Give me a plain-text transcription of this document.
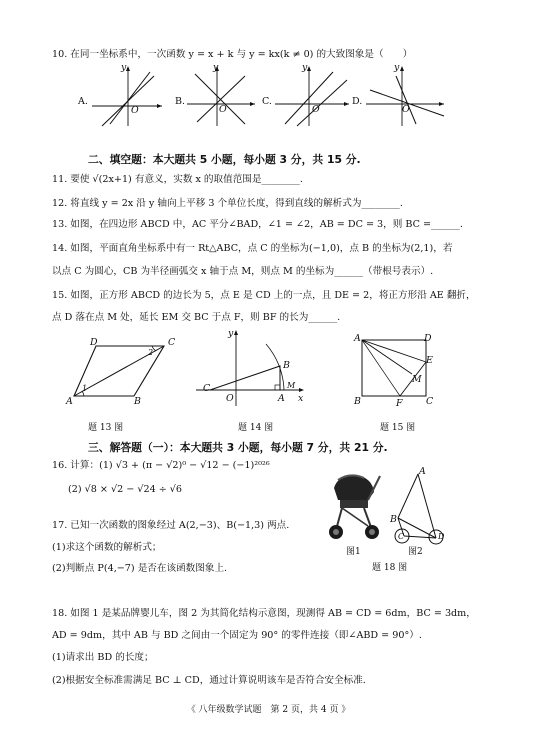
10. 在同一坐标系中，一次函数 y = x + k 与 y = kx(k ≠ 0) 的大致图象是（　　）
A.
y
O
B.
y
O
C.
y
O
D.
y
O
二、填空题：本大题共 5 小题，每小题 3 分，共 15 分.
11. 要使 √(2x+1) 有意义，实数 x 的取值范围是________.
12. 将直线 y = 2x 沿 y 轴向上平移 3 个单位长度，得到直线的解析式为________.
13. 如图，在四边形 ABCD 中，AC 平分∠BAD，∠1 = ∠2，AB = DC = 3，则 BC =______.
14. 如图，平面直角坐标系中有一 Rt△ABC，点 C 的坐标为(−1,0)，点 B 的坐标为(2,1)，若
以点 C 为圆心，CB 为半径画弧交 x 轴于点 M，则点 M 的坐标为______（带根号表示）.
15. 如图，正方形 ABCD 的边长为 5，点 E 是 CD 上的一点，且 DE = 2，将正方形沿 AE 翻折，
点 D 落在点 M 处，延长 EM 交 BC 于点 F，则 BF 的长为______.
D	C
A	B
1
2
题 13 图
y
B
C
O	A
M
x
题 14 图
A	D
E
M
B	F C
题 15 图
三、解答题（一）：本大题共 3 小题，每小题 7 分，共 21 分.
16. 计算：(1) √3 + (π − √2)⁰ − √12 − (−1)²⁰²⁶
(2) √8 × √2 − √24 ÷ √6
17. 已知一次函数的图象经过 A(2,−3)、B(−1,3) 两点.
(1)求这个函数的解析式；
(2)判断点 P(4,−7) 是否在该函数图象上.
图1
A
B
C	D
图2
题 18 图
18. 如图 1 是某品牌婴儿车，图 2 为其简化结构示意图，现测得 AB = CD = 6dm，BC = 3dm，
AD = 9dm，其中 AB 与 BD 之间由一个固定为 90° 的零件连接（即∠ABD = 90°）.
(1)请求出 BD 的长度；
(2)根据安全标准需满足 BC ⊥ CD，通过计算说明该车是否符合安全标准.
《 八年级数学试题　第 2 页，共 4 页 》
